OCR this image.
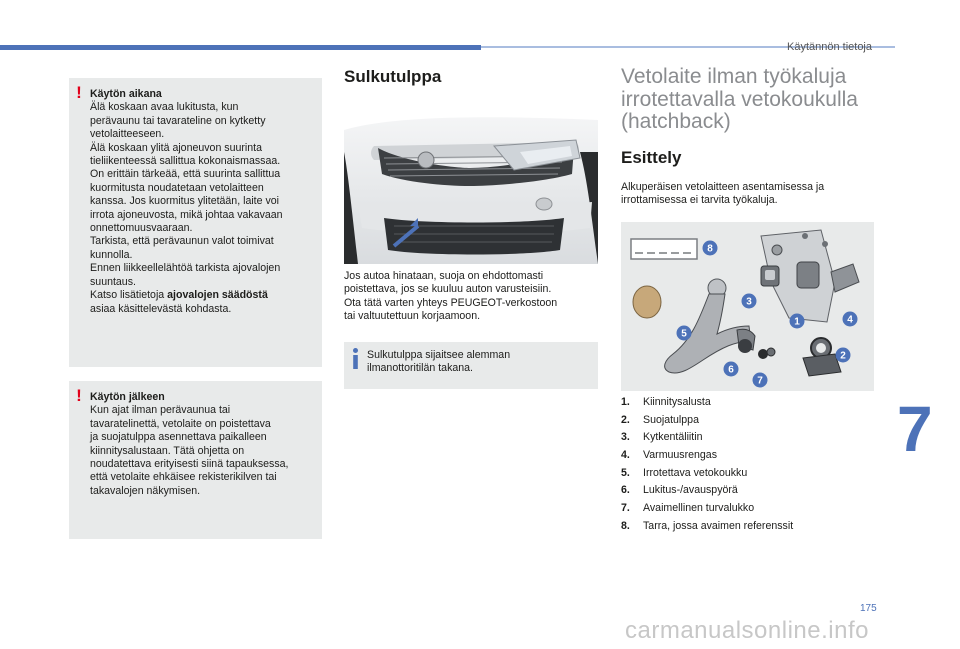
Käytännön tietoja
! Käytön aikana

Älä koskaan avaa lukitusta, kun

perävaunu tai tavarateline on kytketty

vetolaitteeseen.

Älä koskaan ylitä ajoneuvon suurinta

tieliikenteessä sallittua kokonaismassaa.

On erittäin tärkeää, että suurinta sallittua

kuormitusta noudatetaan vetolaitteen

kanssa. Jos kuormitus ylitetään, laite voi

irrota ajoneuvosta, mikä johtaa vakavaan

onnettomuusvaaraan.

Tarkista, että perävaunun valot toimivat

kunnolla.

Ennen liikkeellelähtöä tarkista ajovalojen

suuntaus.

Katso lisätietoja ajovalojen säädöstä

asiaa käsittelevästä kohdasta.

! Käytön jälkeen

Kun ajat ilman perävaunua tai

tavaratelinettä, vetolaite on poistettava

ja suojatulppa asennettava paikalleen

kiinnitysalustaan. Tätä ohjetta on

noudatettava erityisesti siinä tapauksessa,

että vetolaite ehkäisee rekisterikilven tai

takavalojen näkymisen.

Sulkutulppa

Jos autoa hinataan, suoja on ehdottomasti

poistettava, jos se kuuluu auton varusteisiin.

Ota tätä varten yhteys PEUGEOT-verkostoon

tai valtuutettuun korjaamoon.

Sulkutulppa sijaitsee alemman

ilmanottoritilän takana.

Vetolaite ilman työkaluja
irrotettavalla vetokoukulla
(hatchback)
Esittely

Alkuperäisen vetolaitteen asentamisessa ja

irrottamisessa ei tarvita työkaluja.

8
3
1	4
5
2
6
7
1.	Kiinnitysalusta
2.	Suojatulppa
3.	Kytkentäliitin
4.	Varmuusrengas
5.	Irrotettava vetokoukku
6.	Lukitus-/avauspyörä
7.	Avaimellinen turvalukko
8.	Tarra, jossa avaimen referenssit
7
175
carmanualsonline.info
